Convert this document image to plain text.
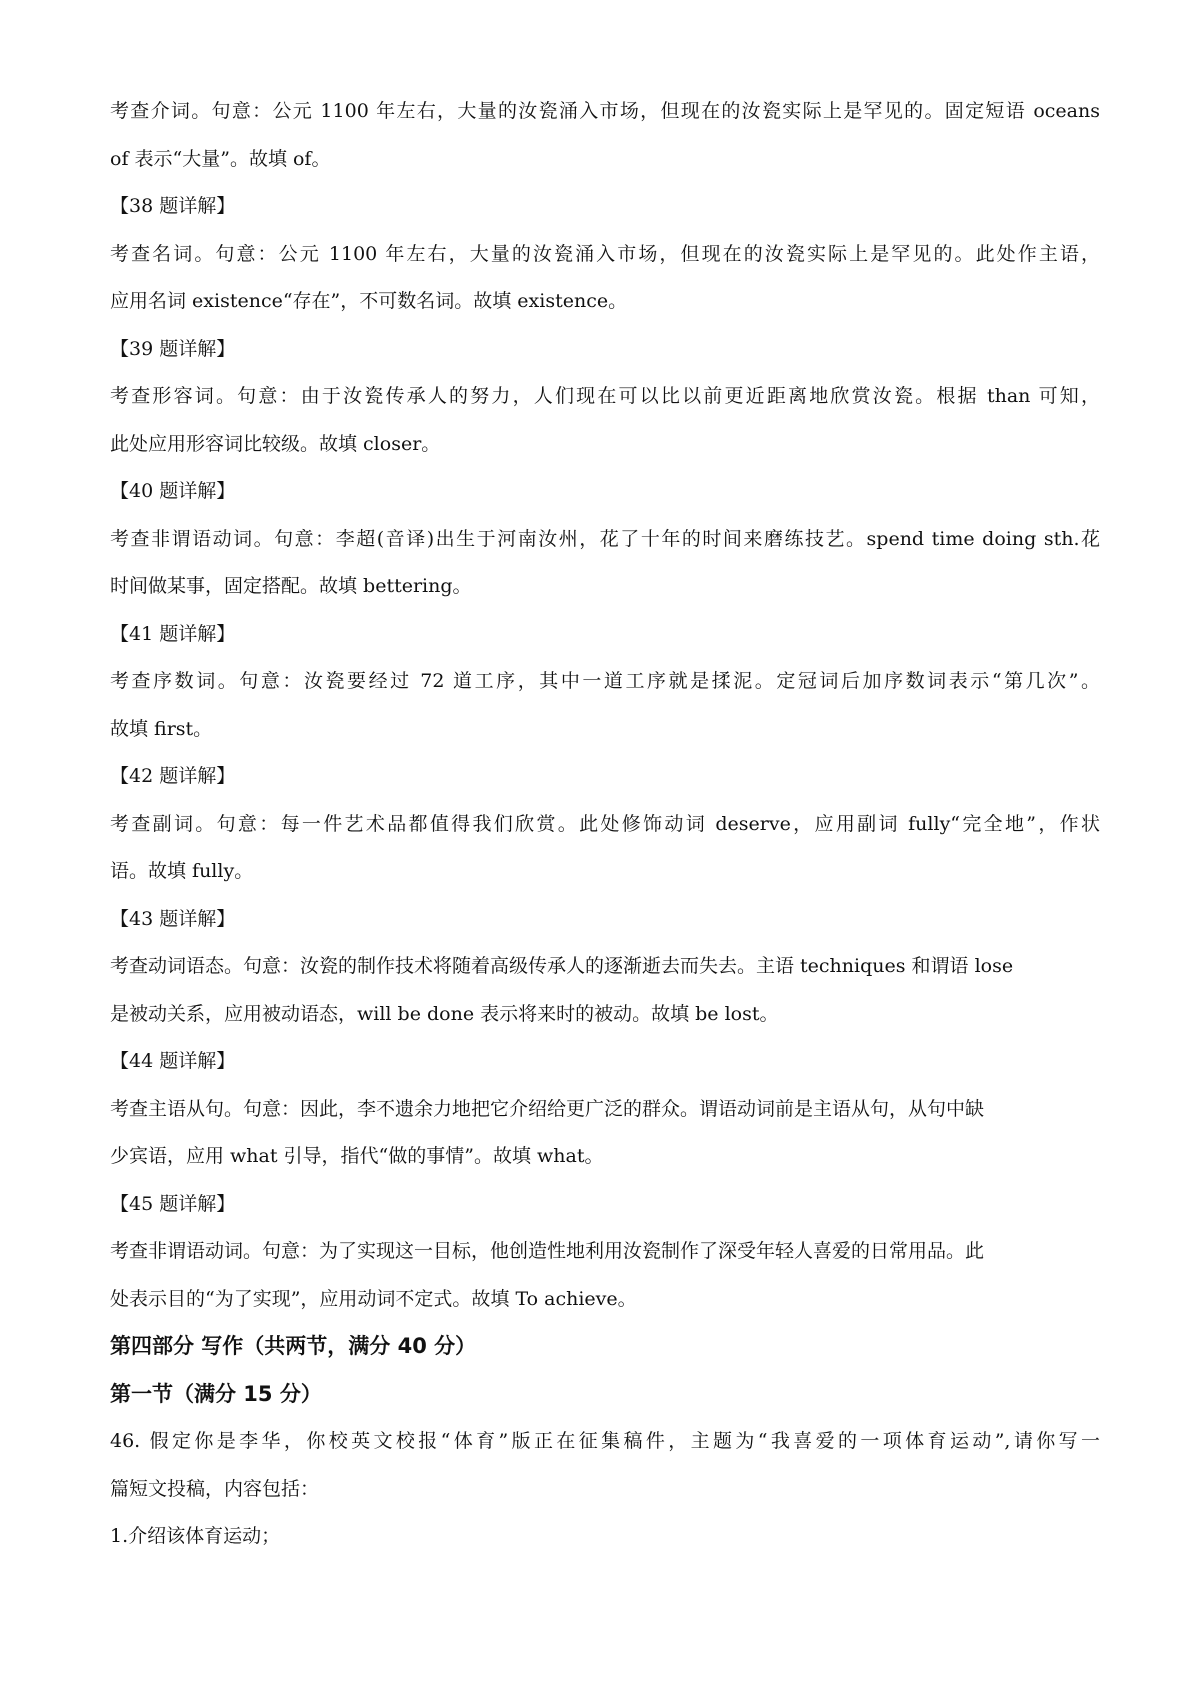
考查介词。句意：公元 1100 年左右，大量的汝瓷涌入市场，但现在的汝瓷实际上是罕见的。固定短语 oceans
of 表示“大量”。故填 of。
【38 题详解】
考查名词。句意：公元 1100 年左右，大量的汝瓷涌入市场，但现在的汝瓷实际上是罕见的。此处作主语，
应用名词 existence“存在”，不可数名词。故填 existence。
【39 题详解】
考查形容词。句意：由于汝瓷传承人的努力，人们现在可以比以前更近距离地欣赏汝瓷。根据 than 可知，
此处应用形容词比较级。故填 closer。
【40 题详解】
考查非谓语动词。句意：李超(音译)出生于河南汝州，花了十年的时间来磨练技艺。spend time doing sth.花
时间做某事，固定搭配。故填 bettering。
【41 题详解】
考查序数词。句意：汝瓷要经过 72 道工序，其中一道工序就是揉泥。定冠词后加序数词表示“第几次”。
故填 first。
【42 题详解】
考查副词。句意：每一件艺术品都值得我们欣赏。此处修饰动词 deserve，应用副词 fully“完全地”，作状
语。故填 fully。
【43 题详解】
考查动词语态。句意：汝瓷的制作技术将随着高级传承人的逐渐逝去而失去。主语 techniques 和谓语 lose
是被动关系，应用被动语态，will be done 表示将来时的被动。故填 be lost。
【44 题详解】
考查主语从句。句意：因此，李不遗余力地把它介绍给更广泛的群众。谓语动词前是主语从句，从句中缺
少宾语，应用 what 引导，指代“做的事情”。故填 what。
【45 题详解】
考查非谓语动词。句意：为了实现这一目标，他创造性地利用汝瓷制作了深受年轻人喜爱的日常用品。此
处表示目的“为了实现”，应用动词不定式。故填 To achieve。
第四部分 写作（共两节，满分 40 分）
第一节（满分 15 分）
46. 假定你是李华，你校英文校报“体育”版正在征集稿件，主题为“我喜爱的一项体育运动”,请你写一
篇短文投稿，内容包括：
1.介绍该体育运动；
